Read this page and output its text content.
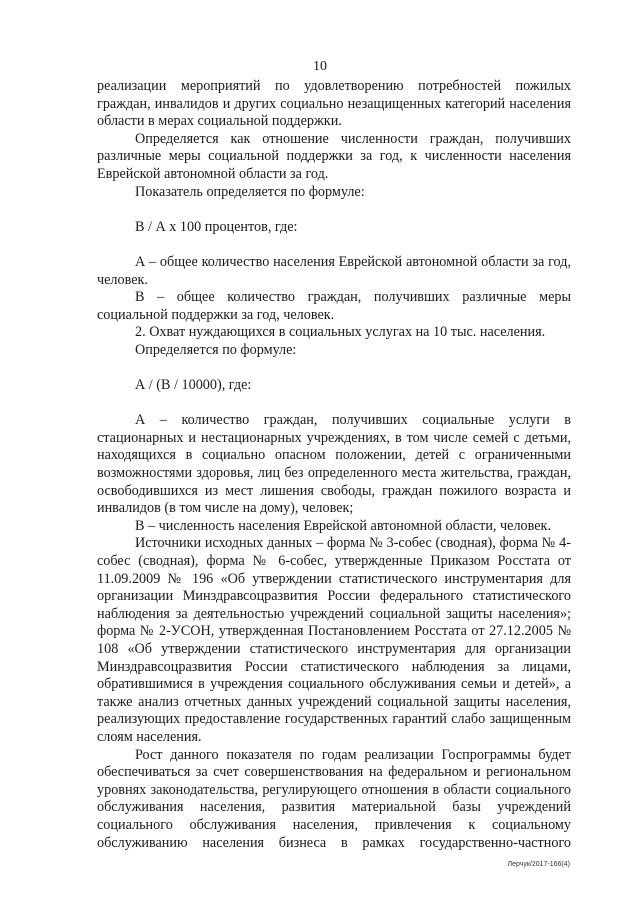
10

реализации мероприятий по удовлетворению потребностей пожилых граждан, инвалидов и других социально незащищенных категорий населения области в мерах социальной поддержки.

Определяется как отношение численности граждан, получивших различные меры социальной поддержки за год, к численности населения Еврейской автономной области за год.

Показатель определяется по формуле:

В / А х 100 процентов, где:

А – общее количество населения Еврейской автономной области за год, человек.

В – общее количество граждан, получивших различные меры социальной поддержки за год, человек.

2. Охват нуждающихся в социальных услугах на 10 тыс. населения.

Определяется по формуле:

А / (В / 10000), где:

А – количество граждан, получивших социальные услуги в стационарных и нестационарных учреждениях, в том числе семей с детьми, находящихся в социально опасном положении, детей с ограниченными возможностями здоровья, лиц без определенного места жительства, граждан, освободившихся из мест лишения свободы, граждан пожилого возраста и инвалидов (в том числе на дому), человек;

В – численность населения Еврейской автономной области, человек.

Источники исходных данных – форма № 3-собес (сводная), форма № 4-собес (сводная), форма № 6-собес, утвержденные Приказом Росстата от 11.09.2009 № 196 «Об утверждении статистического инструментария для организации Минздравсоцразвития России федерального статистического наблюдения за деятельностью учреждений социальной защиты населения»; форма № 2-УСОН, утвержденная Постановлением Росстата от 27.12.2005 № 108 «Об утверждении статистического инструментария для организации Минздравсоцразвития России статистического наблюдения за лицами, обратившимися в учреждения социального обслуживания семьи и детей», а также анализ отчетных данных учреждений социальной защиты населения, реализующих предоставление государственных гарантий слабо защищенным слоям населения.

Рост данного показателя по годам реализации Госпрограммы будет обеспечиваться за счет совершенствования на федеральном и региональном уровнях законодательства, регулирующего отношения в области социального обслуживания населения, развития материальной базы учреждений социального обслуживания населения, привлечения к социальному обслуживанию населения бизнеса в рамках государственно-частного

Лерчук/2017-166(4)
